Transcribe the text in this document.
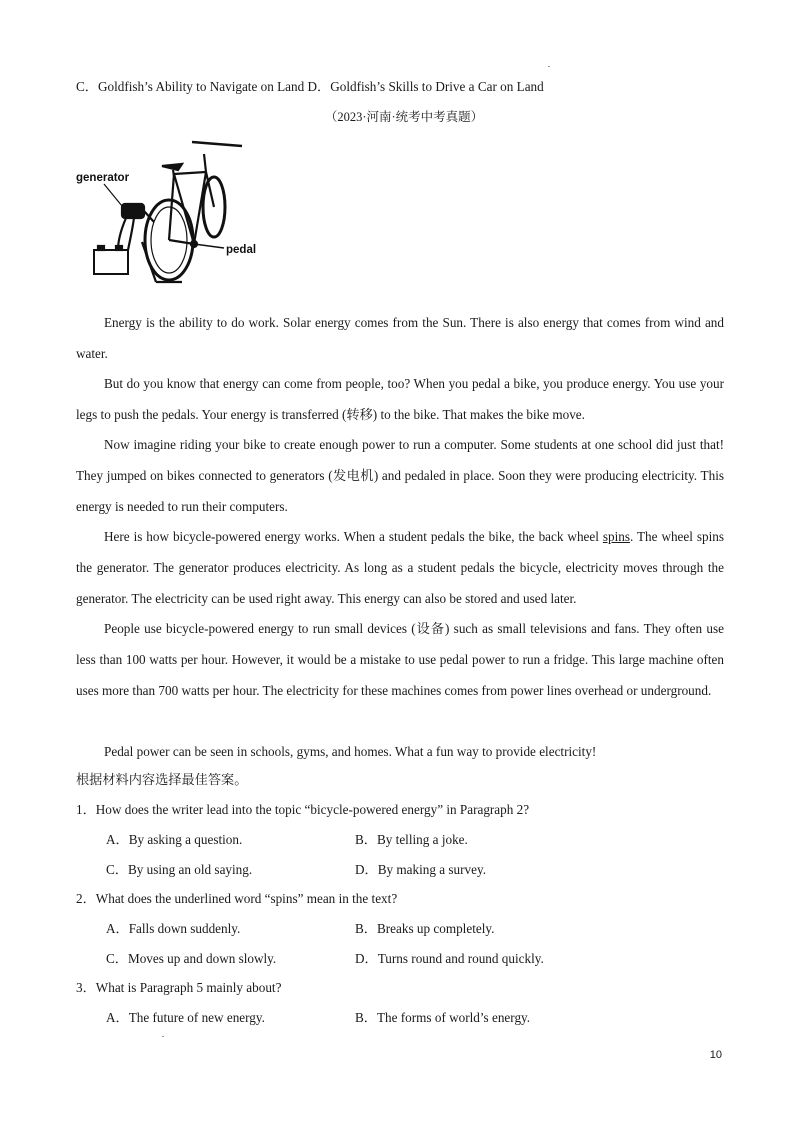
C．Goldfish’s Ability to Navigate on Land D．Goldfish’s Skills to Drive a Car on Land
（2023·河南·统考中考真题）
generator
pedal

Energy is the ability to do work. Solar energy comes from the Sun. There is also energy that comes from wind and water.

But do you know that energy can come from people, too? When you pedal a bike, you produce energy. You use your legs to push the pedals. Your energy is transferred (转移) to the bike. That makes the bike move.

Now imagine riding your bike to create enough power to run a computer. Some students at one school did just that! They jumped on bikes connected to generators (发电机) and pedaled in place. Soon they were producing electricity. This energy is needed to run their computers.

Here is how bicycle-powered energy works. When a student pedals the bike, the back wheel spins. The wheel spins the generator. The generator produces electricity. As long as a student pedals the bicycle, electricity moves through the generator. The electricity can be used right away. This energy can also be stored and used later.

People use bicycle-powered energy to run small devices (设备) such as small televisions and fans. They often use less than 100 watts per hour. However, it would be a mistake to use pedal power to run a fridge. This large machine often uses more than 700 watts per hour. The electricity for these machines comes from power lines overhead or underground.

Pedal power can be seen in schools, gyms, and homes. What a fun way to provide electricity!

根据材料内容选择最佳答案。
1．How does the writer lead into the topic “bicycle-powered energy” in Paragraph 2?
A．By asking a question.	B．By telling a joke.
C．By using an old saying.	D．By making a survey.
2．What does the underlined word “spins” mean in the text?
A．Falls down suddenly.	B．Breaks up completely.
C．Moves up and down slowly.	D．Turns round and round quickly.
3．What is Paragraph 5 mainly about?
A．The future of new energy.	B．The forms of world’s energy.
10
